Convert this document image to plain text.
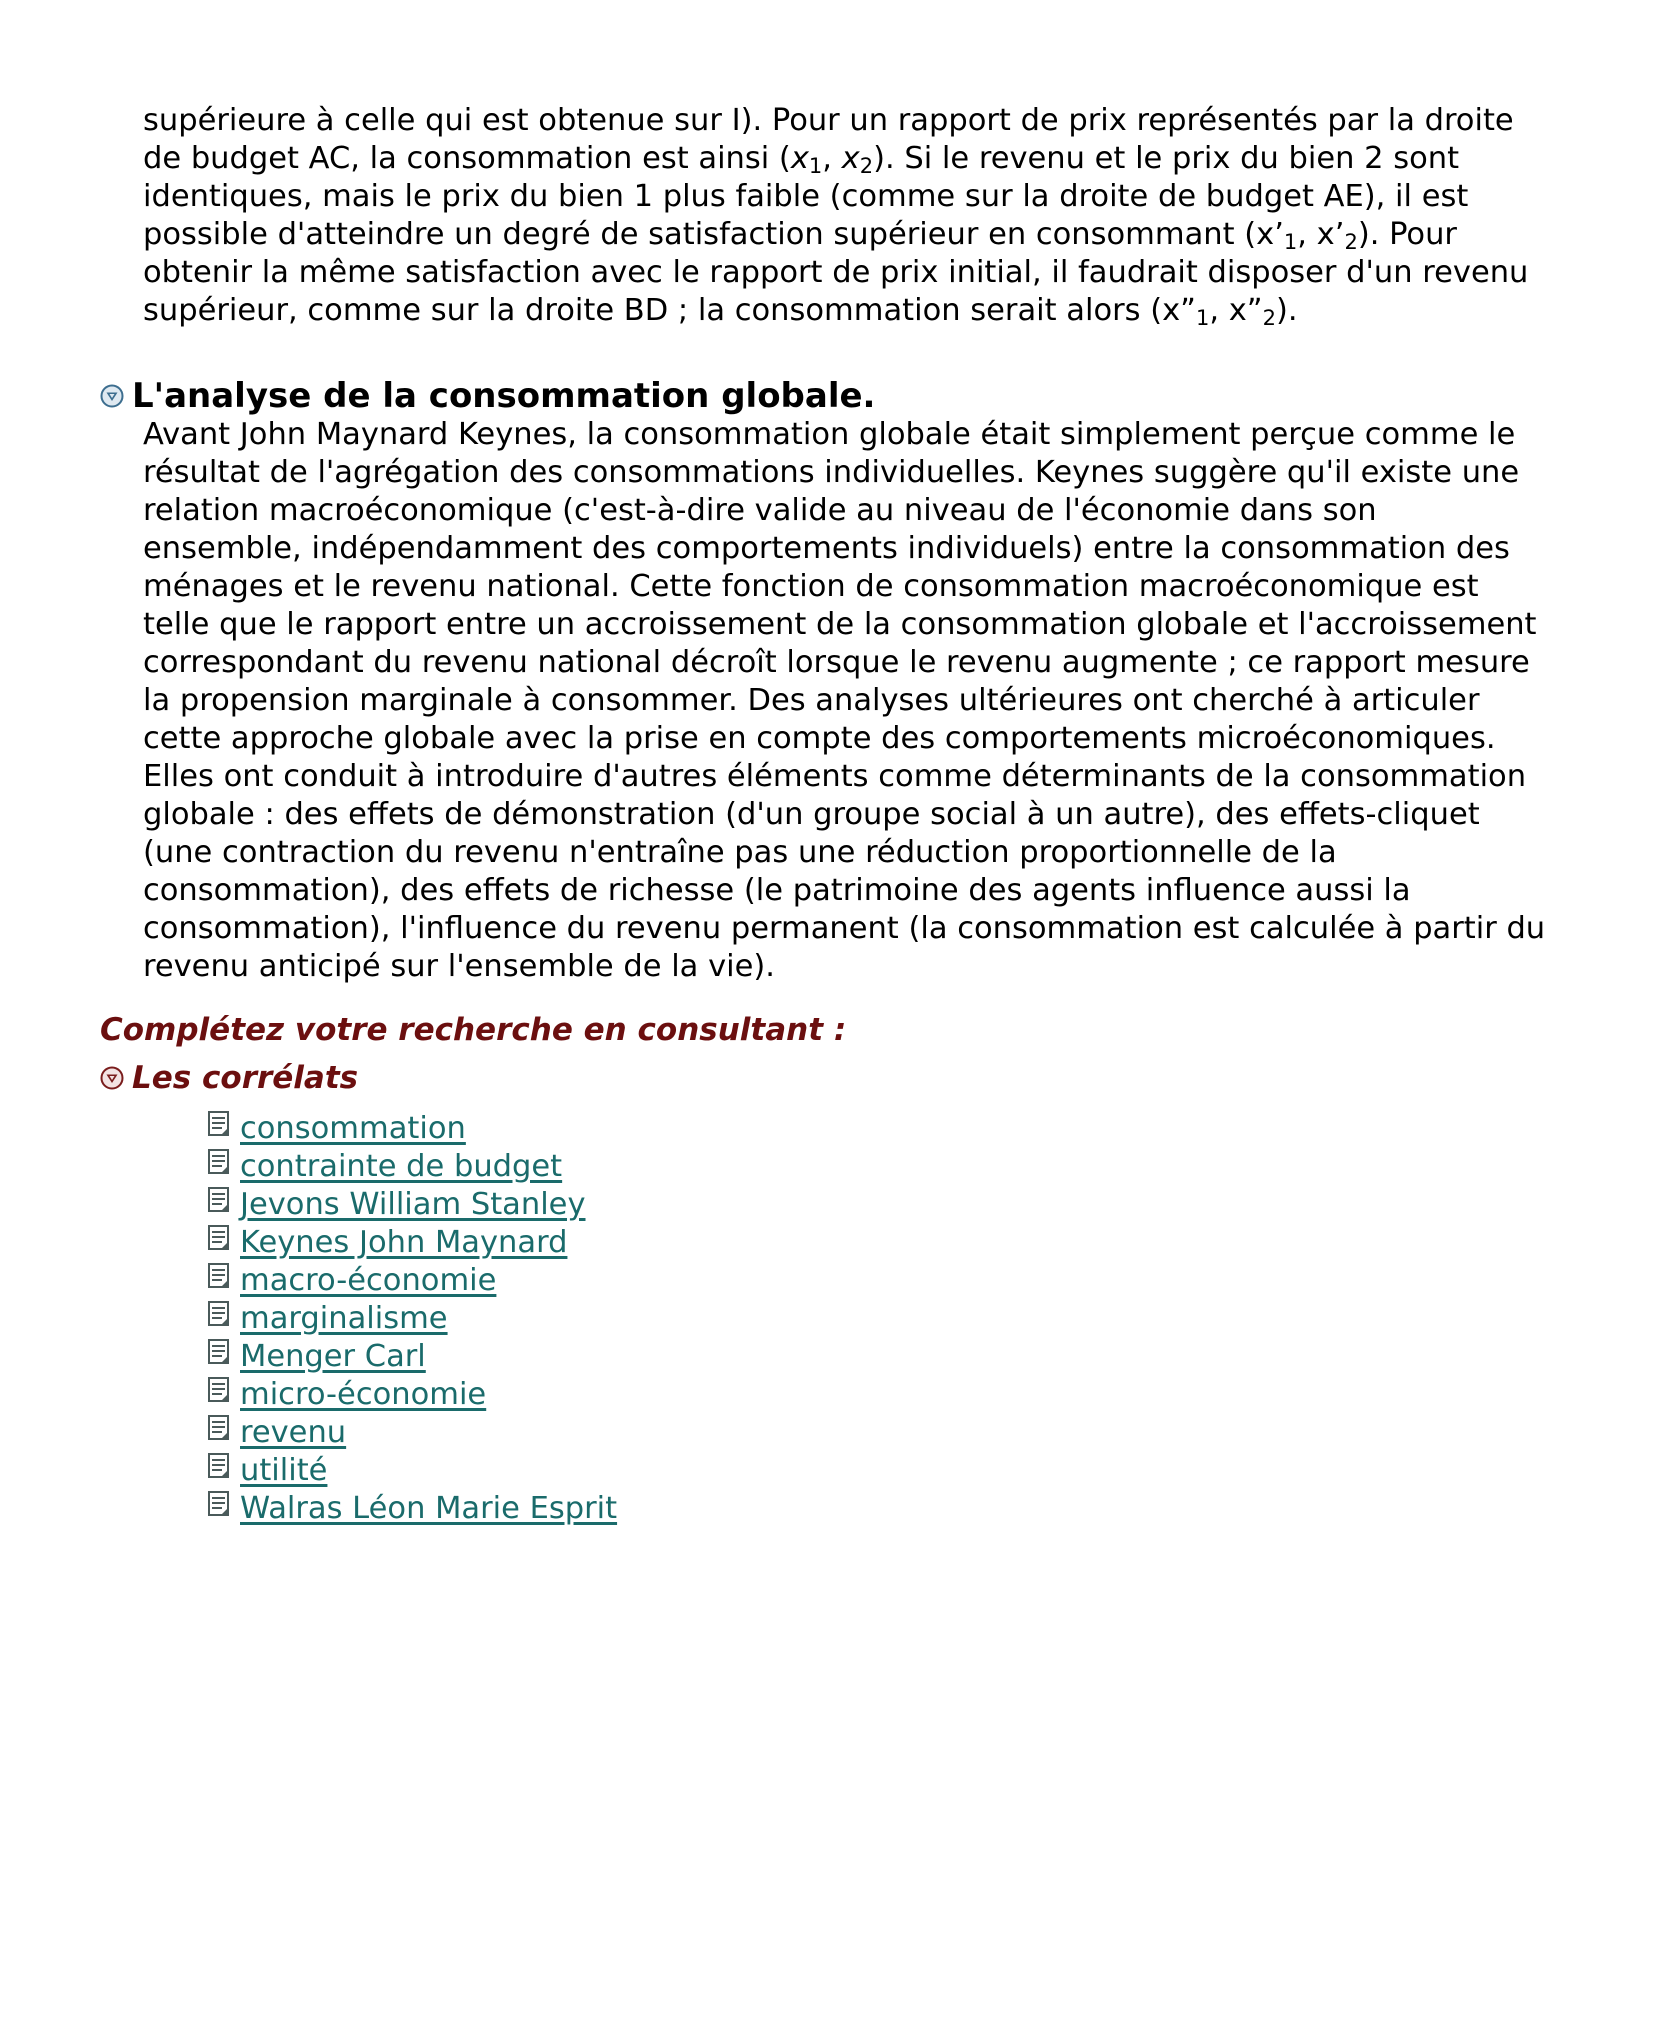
supérieure à celle qui est obtenue sur I). Pour un rapport de prix représentés par la droite
de budget AC, la consommation est ainsi ($x_1$, $x_2$). Si le revenu et le prix du bien 2 sont
identiques, mais le prix du bien 1 plus faible (comme sur la droite de budget AE), il est
possible d'atteindre un degré de satisfaction supérieur en consommant ($x’_1$, $x’_2$). Pour
obtenir la même satisfaction avec le rapport de prix initial, il faudrait disposer d'un revenu
supérieur, comme sur la droite BD ; la consommation serait alors ($x”_1$, $x”_2$).

L'analyse de la consommation globale.

Avant John Maynard Keynes, la consommation globale était simplement perçue comme le
résultat de l'agrégation des consommations individuelles. Keynes suggère qu'il existe une
relation macroéconomique (c'est-à-dire valide au niveau de l'économie dans son
ensemble, indépendamment des comportements individuels) entre la consommation des
ménages et le revenu national. Cette fonction de consommation macroéconomique est
telle que le rapport entre un accroissement de la consommation globale et l'accroissement
correspondant du revenu national décroît lorsque le revenu augmente ; ce rapport mesure
la propension marginale à consommer. Des analyses ultérieures ont cherché à articuler
cette approche globale avec la prise en compte des comportements microéconomiques.
Elles ont conduit à introduire d'autres éléments comme déterminants de la consommation
globale : des effets de démonstration (d'un groupe social à un autre), des effets-cliquet
(une contraction du revenu n'entraîne pas une réduction proportionnelle de la
consommation), des effets de richesse (le patrimoine des agents influence aussi la
consommation), l'influence du revenu permanent (la consommation est calculée à partir du
revenu anticipé sur l'ensemble de la vie).

Complétez votre recherche en consultant :

Les corrélats
consommation
contrainte de budget
Jevons William Stanley
Keynes John Maynard
macro-économie
marginalisme
Menger Carl
micro-économie
revenu
utilité
Walras Léon Marie Esprit
